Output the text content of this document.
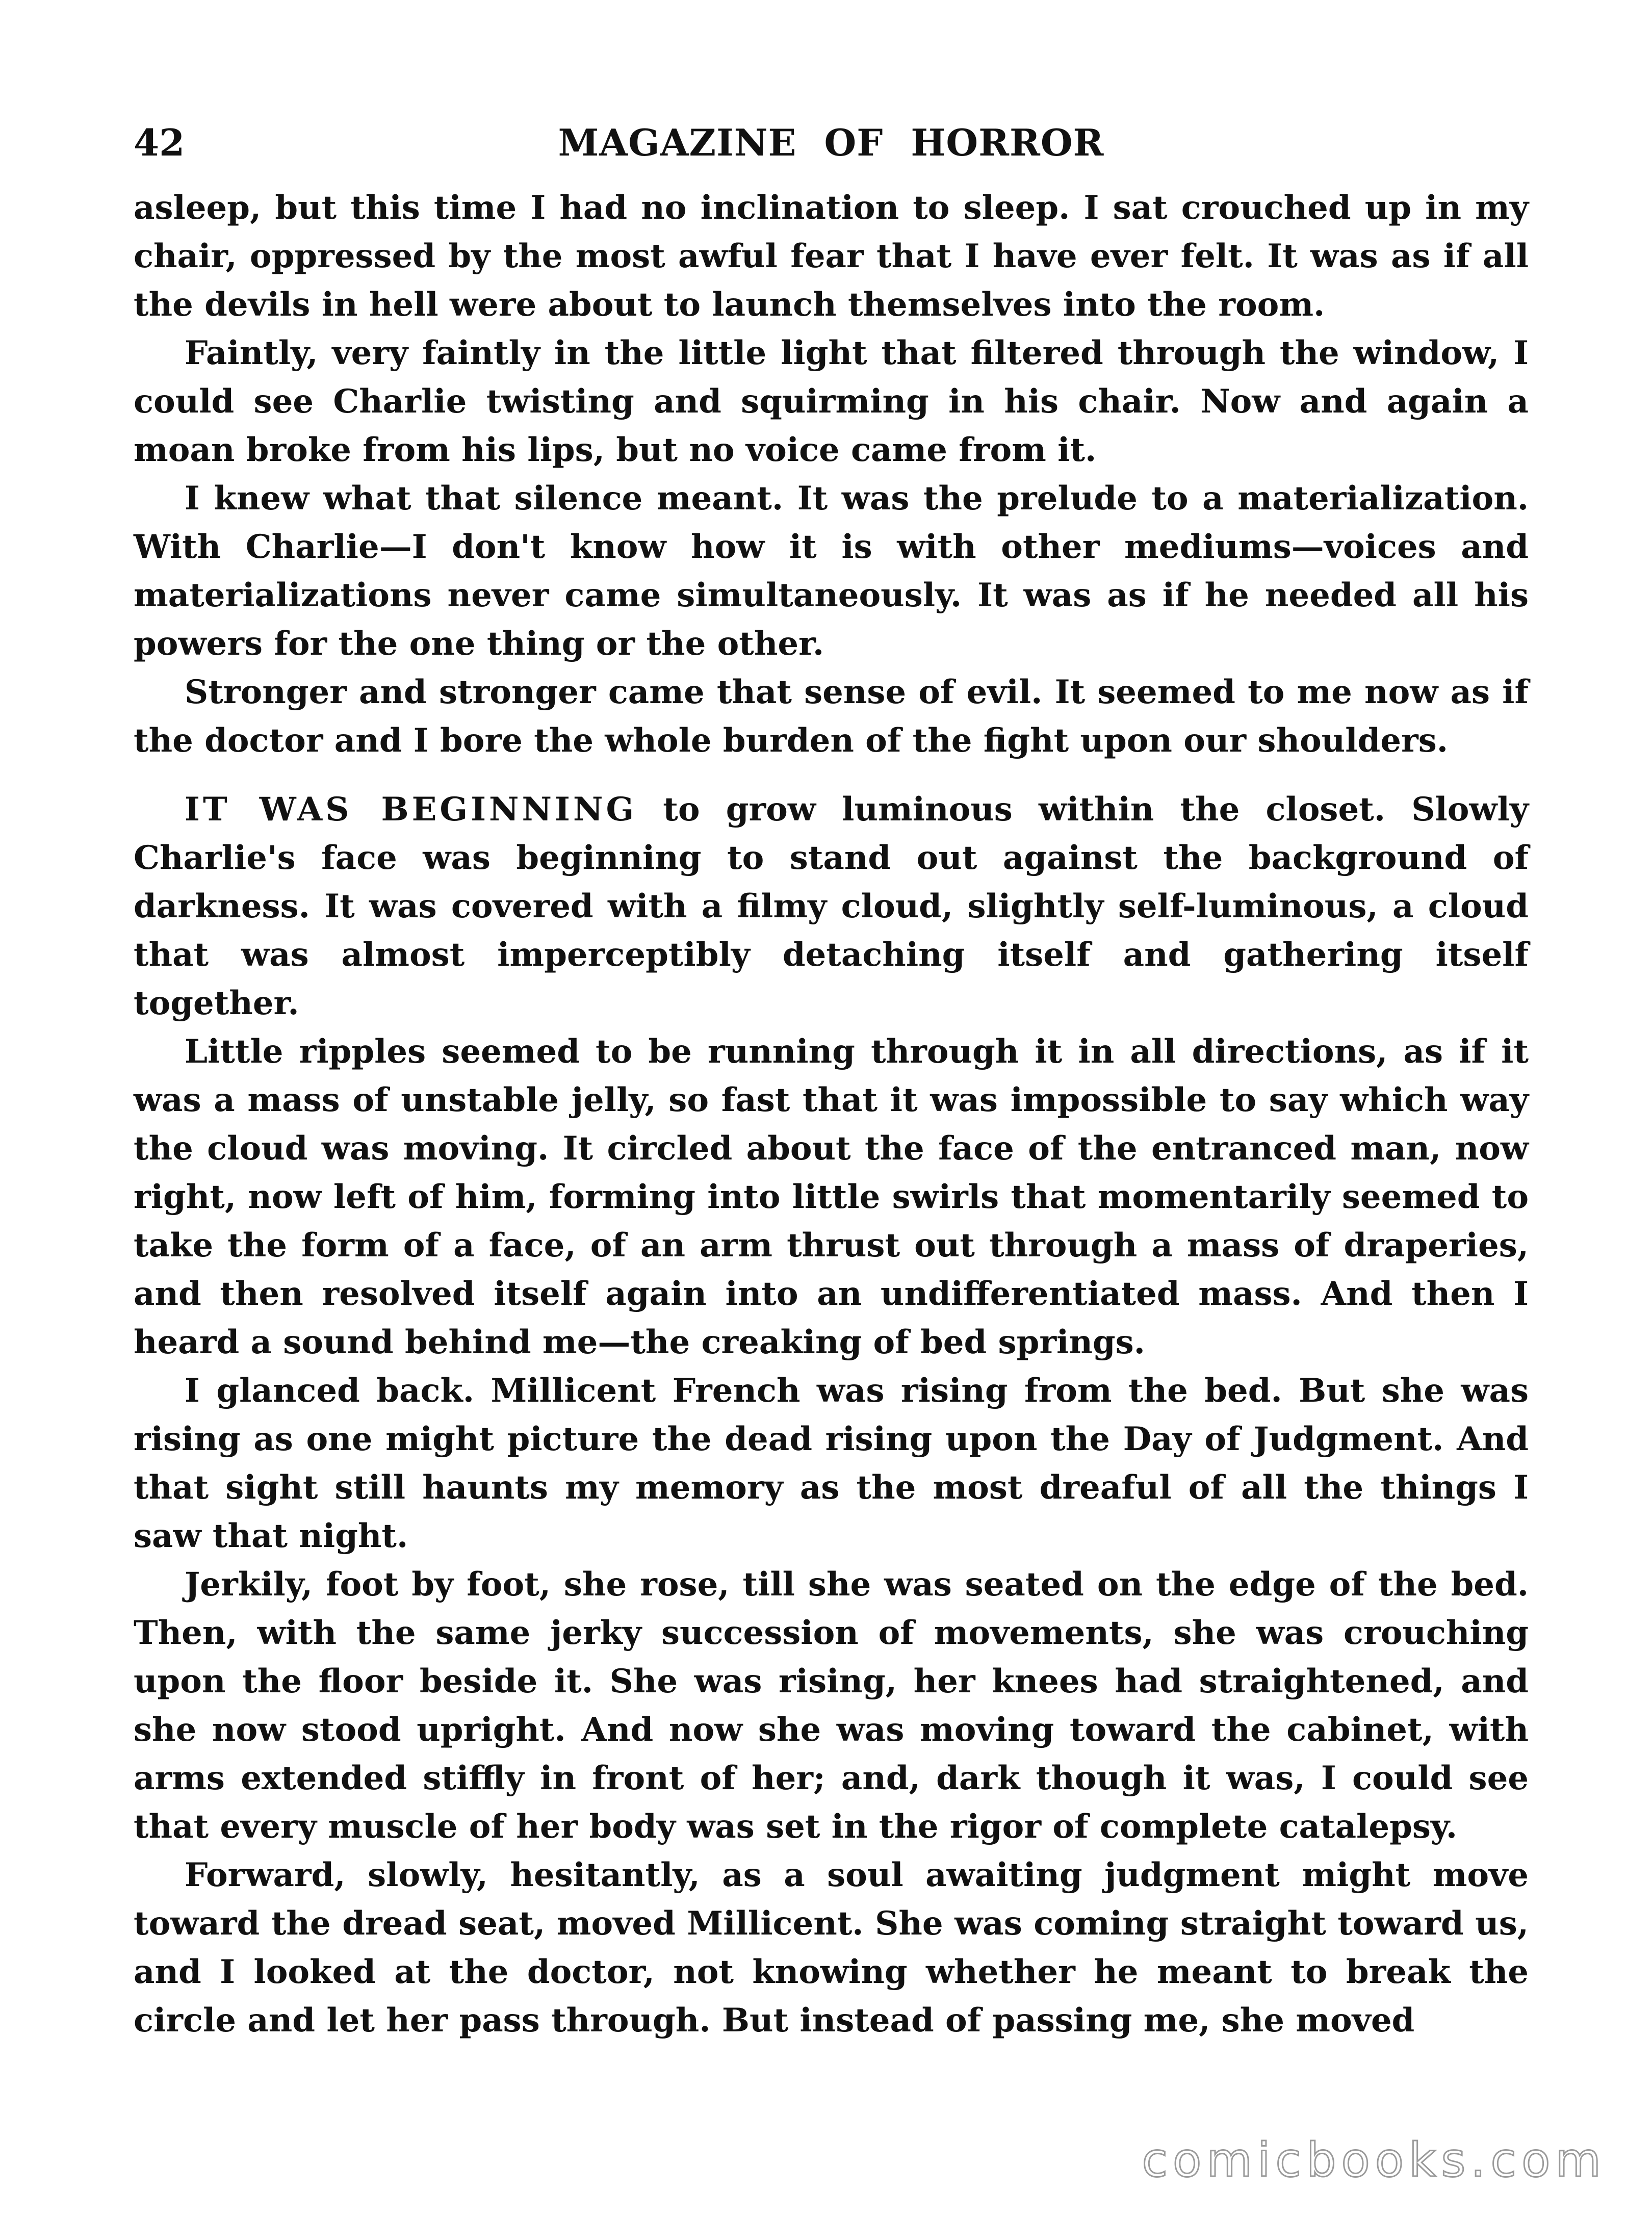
42	MAGAZINE OF HORROR

asleep, but this time I had no inclination to sleep. I sat crouched up in my chair, oppressed by the most awful fear that I have ever felt. It was as if all the devils in hell were about to launch themselves into the room.

Faintly, very faintly in the little light that filtered through the window, I could see Charlie twisting and squirming in his chair. Now and again a moan broke from his lips, but no voice came from it.

I knew what that silence meant. It was the prelude to a materialization. With Charlie—I don't know how it is with other mediums—voices and materializations never came simultaneously. It was as if he needed all his powers for the one thing or the other.

Stronger and stronger came that sense of evil. It seemed to me now as if the doctor and I bore the whole burden of the fight upon our shoulders.

IT WAS BEGINNING to grow luminous within the closet. Slowly Charlie's face was beginning to stand out against the background of darkness. It was covered with a filmy cloud, slightly self-luminous, a cloud that was almost imperceptibly detaching itself and gathering itself together.

Little ripples seemed to be running through it in all directions, as if it was a mass of unstable jelly, so fast that it was impossible to say which way the cloud was moving. It circled about the face of the entranced man, now right, now left of him, forming into little swirls that momentarily seemed to take the form of a face, of an arm thrust out through a mass of draperies, and then resolved itself again into an undifferentiated mass. And then I heard a sound behind me—the creaking of bed springs.

I glanced back. Millicent French was rising from the bed. But she was rising as one might picture the dead rising upon the Day of Judgment. And that sight still haunts my memory as the most dreaful of all the things I saw that night.

Jerkily, foot by foot, she rose, till she was seated on the edge of the bed. Then, with the same jerky succession of movements, she was crouching upon the floor beside it. She was rising, her knees had straightened, and she now stood upright. And now she was moving toward the cabinet, with arms extended stiffly in front of her; and, dark though it was, I could see that every muscle of her body was set in the rigor of complete catalepsy.

Forward, slowly, hesitantly, as a soul awaiting judgment might move toward the dread seat, moved Millicent. She was coming straight toward us, and I looked at the doctor, not knowing whether he meant to break the circle and let her pass through. But instead of passing me, she moved

comicbooks.com
